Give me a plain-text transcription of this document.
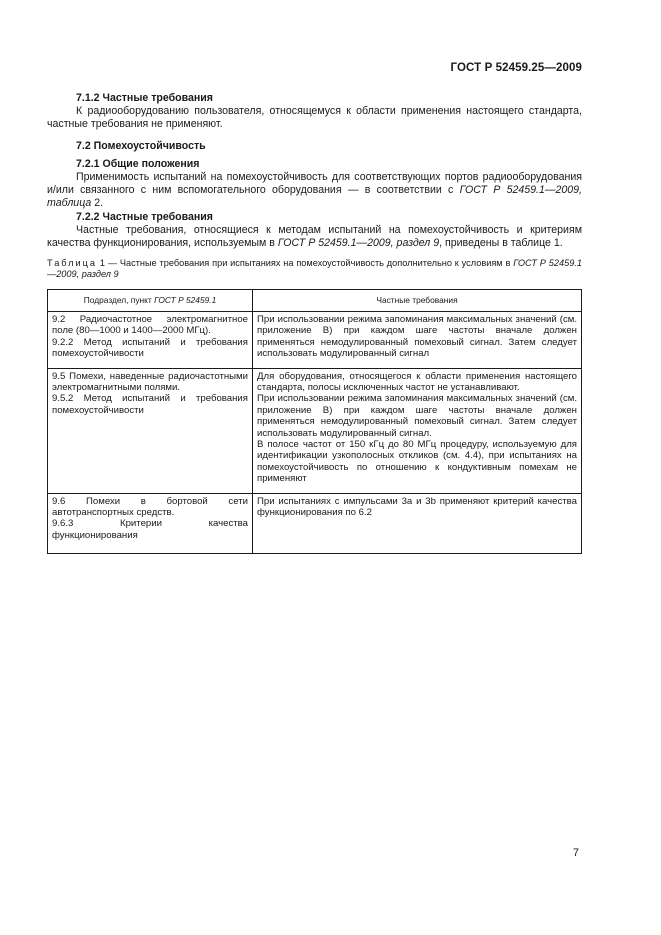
ГОСТ Р 52459.25—2009

7.1.2 Частные требования

К радиооборудованию пользователя, относящемуся к области применения настоящего стандарта, частные требования не применяют.

7.2 Помехоустойчивость

7.2.1 Общие положения

Применимость испытаний на помехоустойчивость для соответствующих портов радиооборудования и/или связанного с ним вспомогательного оборудования — в соответствии с ГОСТ Р 52459.1—2009, таблица 2.

7.2.2 Частные требования

Частные требования, относящиеся к методам испытаний на помехоустойчивость и критериям качества функционирования, используемым в ГОСТ Р 52459.1—2009, раздел 9, приведены в таблице 1.

Таблица 1 — Частные требования при испытаниях на помехоустойчивость дополнительно к условиям в ГОСТ Р 52459.1—2009, раздел 9
Подраздел, пункт ГОСТ Р 52459.1	Частные требования

9.2 Радиочастотное электромагнитное поле (80—1000 и 1400—2000 МГц).
9.2.2 Метод испытаний и требования помехоустойчивости	При использовании режима запоминания максимальных значений (см. приложение В) при каждом шаге частоты вначале должен применяться немодулированный помеховый сигнал. Затем следует использовать модулированный сигнал

9.5 Помехи, наведенные радиочастотными электромагнитными полями.
9.5.2 Метод испытаний и требования помехоустойчивости	Для оборудования, относящегося к области применения настоящего стандарта, полосы исключенных частот не устанавливают.
При использовании режима запоминания максимальных значений (см. приложение В) при каждом шаге частоты вначале должен применяться немодулированный помеховый сигнал. Затем следует использовать модулированный сигнал.
В полосе частот от 150 кГц до 80 МГц процедуру, используемую для идентификации узкополосных откликов (см. 4.4), при испытаниях на помехоустойчивость по отношению к кондуктивным помехам не применяют

9.6 Помехи в бортовой сети автотранспортных средств.
9.6.3 Критерии качества функционирования	При испытаниях с импульсами 3а и 3b применяют критерий качества функционирования по 6.2
7
